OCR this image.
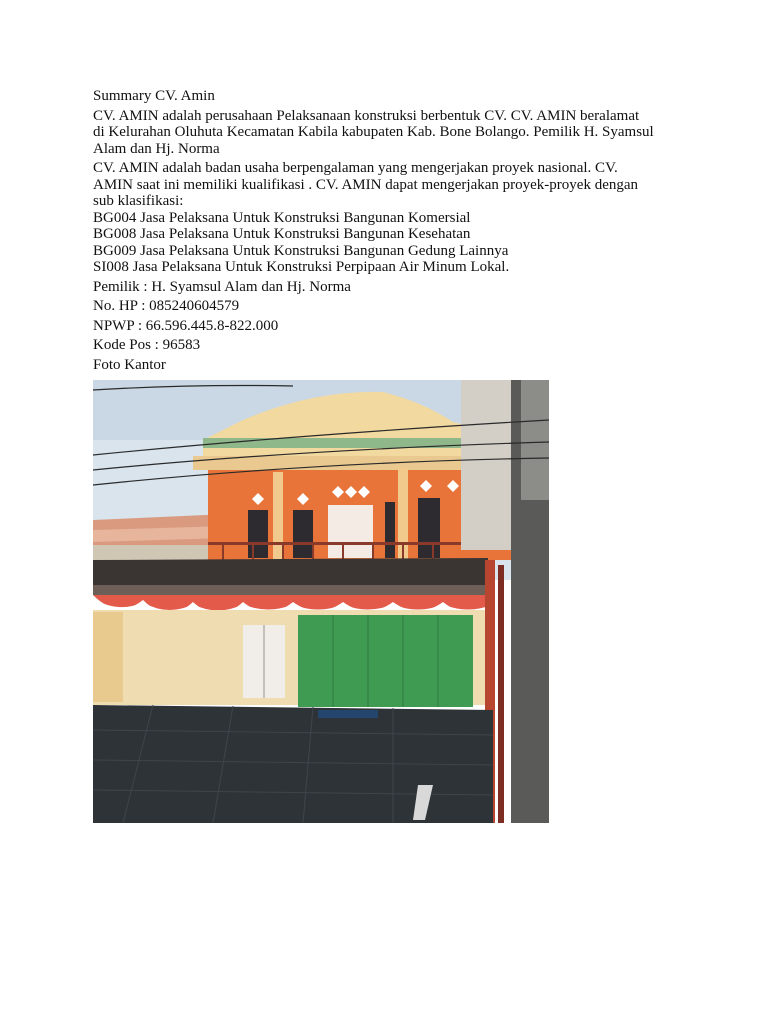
Summary CV. Amin

CV. AMIN adalah perusahaan Pelaksanaan konstruksi berbentuk CV. CV. AMIN beralamat

di Kelurahan Oluhuta Kecamatan Kabila kabupaten Kab. Bone Bolango. Pemilik H. Syamsul

Alam dan Hj. Norma

CV. AMIN adalah badan usaha berpengalaman yang mengerjakan proyek nasional. CV.

AMIN saat ini memiliki kualifikasi . CV. AMIN dapat mengerjakan proyek-proyek dengan

sub klasifikasi:

BG004 Jasa Pelaksana Untuk Konstruksi Bangunan Komersial

BG008 Jasa Pelaksana Untuk Konstruksi Bangunan Kesehatan

BG009 Jasa Pelaksana Untuk Konstruksi Bangunan Gedung Lainnya

SI008 Jasa Pelaksana Untuk Konstruksi Perpipaan Air Minum Lokal.

Pemilik : H. Syamsul Alam dan Hj. Norma

No. HP : 085240604579

NPWP : 66.596.445.8-822.000

Kode Pos : 96583

Foto Kantor
